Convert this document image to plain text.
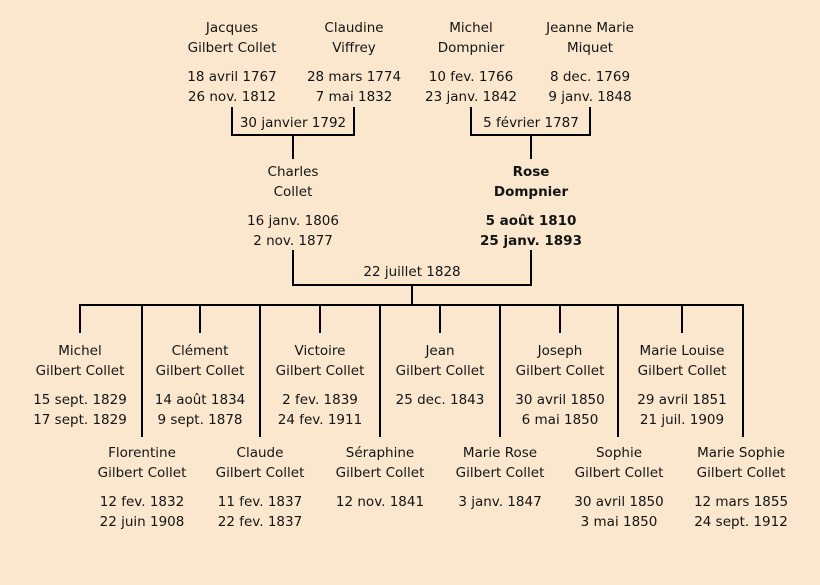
Jacques
Gilbert Collet
18 avril 1767
26 nov. 1812
Claudine
Viffrey
28 mars 1774
7 mai 1832
Michel
Dompnier
10 fev. 1766
23 janv. 1842
Jeanne Marie
Miquet
8 dec. 1769
9 janv. 1848
30 janvier 1792	5 février 1787
Charles
Collet
16 janv. 1806
2 nov. 1877
Rose
Dompnier
5 août 1810
25 janv. 1893
22 juillet 1828
Michel
Gilbert Collet
15 sept. 1829
17 sept. 1829
Clément
Gilbert Collet
14 août 1834
9 sept. 1878
Victoire
Gilbert Collet
2 fev. 1839
24 fev. 1911
Jean
Gilbert Collet
25 dec. 1843
Joseph
Gilbert Collet
30 avril 1850
6 mai 1850
Marie Louise
Gilbert Collet
29 avril 1851
21 juil. 1909
Florentine
Gilbert Collet
12 fev. 1832
22 juin 1908
Claude
Gilbert Collet
11 fev. 1837
22 fev. 1837
Séraphine
Gilbert Collet
12 nov. 1841
Marie Rose
Gilbert Collet
3 janv. 1847
Sophie
Gilbert Collet
30 avril 1850
3 mai 1850
Marie Sophie
Gilbert Collet
12 mars 1855
24 sept. 1912
